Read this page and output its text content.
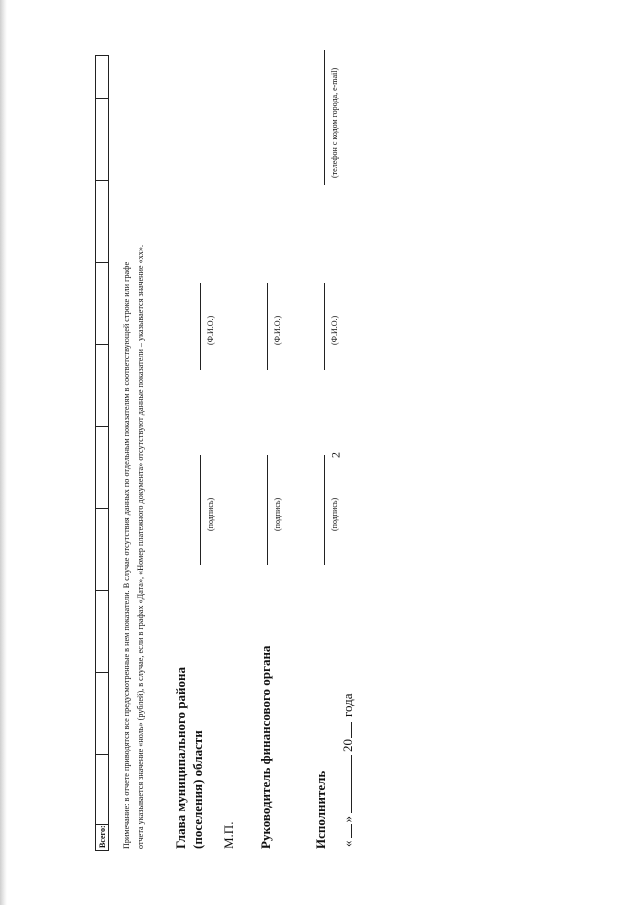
2
Всего: Примечание: в отчете приводятся все предусмотренные в нем показатели. В случае отсутствия данных по отдельным показателям в соответствующей строке или графе отчета указывается значение «ноль» (рублей), в случае, если в графах «Дата», «Номер платежного документа» отсутствуют данные показатели – указывается значение «хх». Глава муниципального района (поселения) области М.П.
(подпись)
(Ф.И.О.)
Руководитель финансового органа
(подпись)
(Ф.И.О.)
Исполнитель
(подпись)
(Ф.И.О.)
(телефон с кодом города, e-mail)
«»20года
